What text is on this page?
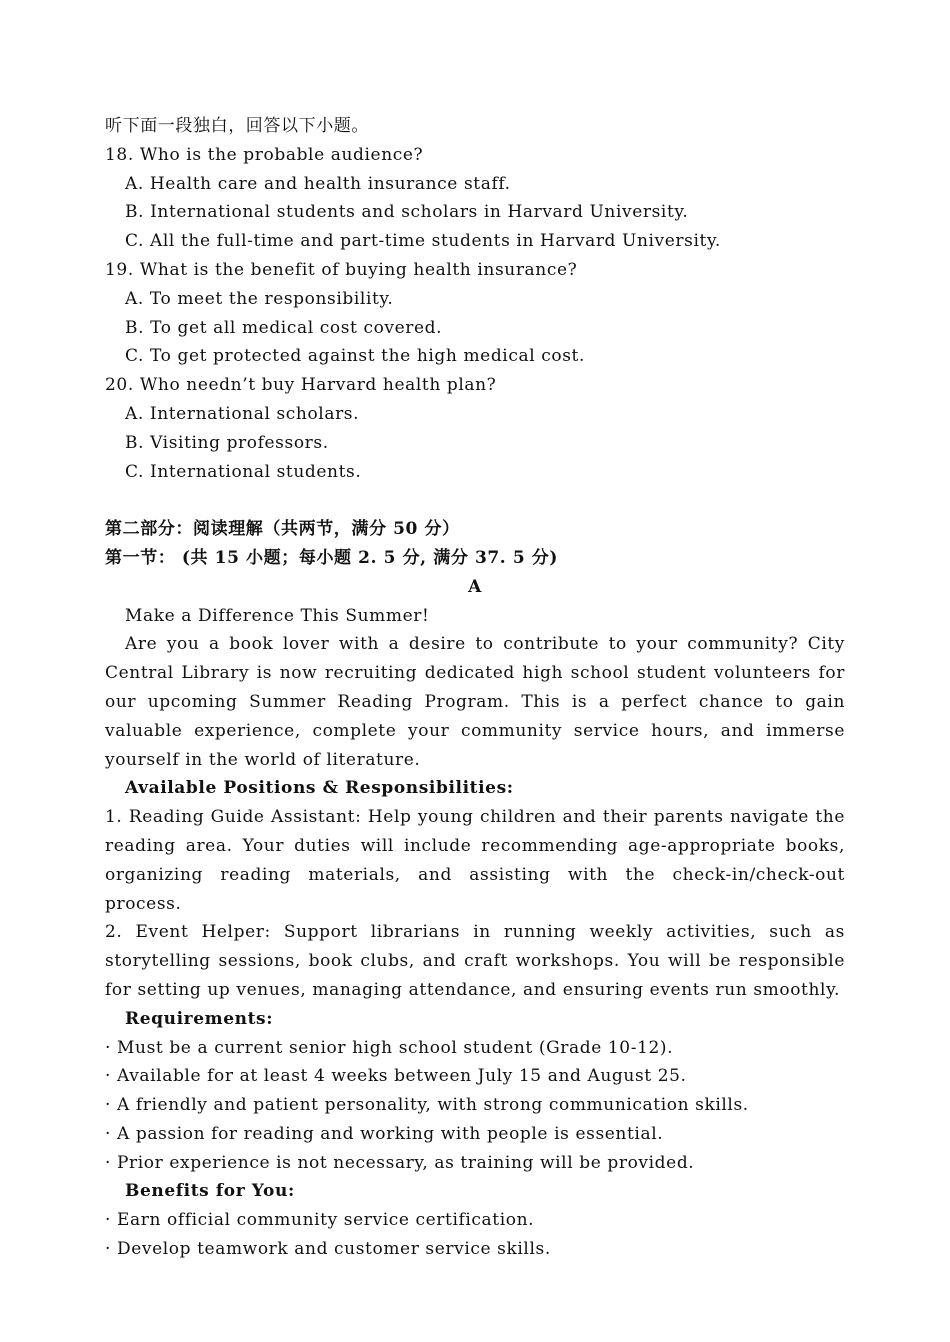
听下面一段独白，回答以下小题。
18. Who is the probable audience?
A. Health care and health insurance staff.
B. International students and scholars in Harvard University.
C. All the full-time and part-time students in Harvard University.
19. What is the benefit of buying health insurance?
A. To meet the responsibility.
B. To get all medical cost covered.
C. To get protected against the high medical cost.
20. Who needn’t buy Harvard health plan?
A. International scholars.
B. Visiting professors.
C. International students.
第二部分：阅读理解（共两节，满分 50 分）
第一节： (共 15 小题；每小题 2. 5 分, 满分 37. 5 分)
A
Make a Difference This Summer!
Are you a book lover with a desire to contribute to your community? City Central Library is now recruiting dedicated high school student volunteers for our upcoming Summer Reading Program. This is a perfect chance to gain valuable experience, complete your community service hours, and immerse yourself in the world of literature.
Available Positions & Responsibilities:
1. Reading Guide Assistant: Help young children and their parents navigate the reading area. Your duties will include recommending age-appropriate books, organizing reading materials, and assisting with the check-in/check-out process.
2. Event Helper: Support librarians in running weekly activities, such as storytelling sessions, book clubs, and craft workshops. You will be responsible for setting up venues, managing attendance, and ensuring events run smoothly.
Requirements:
· Must be a current senior high school student (Grade 10-12).
· Available for at least 4 weeks between July 15 and August 25.
· A friendly and patient personality, with strong communication skills.
· A passion for reading and working with people is essential.
· Prior experience is not necessary, as training will be provided.
Benefits for You:
· Earn official community service certification.
· Develop teamwork and customer service skills.
